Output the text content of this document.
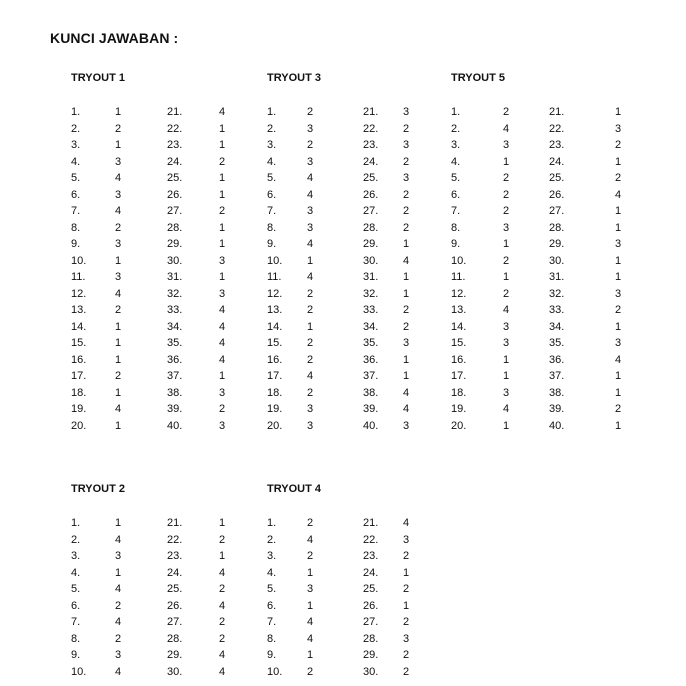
KUNCI JAWABAN :
TRYOUT 1
1.	1
2.	2
3.	1
4.	3
5.	4
6.	3
7.	4
8.	2
9.	3
10.	1
11.	3
12.	4
13.	2
14.	1
15.	1
16.	1
17.	2
18.	1
19.	4
20.	1
21.	4
22.	1
23.	1
24.	2
25.	1
26.	1
27.	2
28.	1
29.	1
30.	3
31.	1
32.	3
33.	4
34.	4
35.	4
36.	4
37.	1
38.	3
39.	2
40.	3
TRYOUT 3
1.	2
2.	3
3.	2
4.	3
5.	4
6.	4
7.	3
8.	3
9.	4
10. 1
11. 4
12. 2
13. 2
14. 1
15. 2
16. 2
17. 4
18. 2
19. 3
20. 3
21. 3
22. 2
23. 3
24. 2
25. 3
26. 2
27. 2
28. 2
29. 1
30. 4
31. 1
32. 1
33. 2
34. 2
35. 3
36. 1
37. 1
38. 4
39. 4
40. 3
TRYOUT 5
1.	2
2.	4
3.	3
4.	1
5.	2
6.	2
7.	2
8.	3
9.	1
10.	2
11.	1
12.	2
13.	4
14.	3
15.	3
16.	1
17.	1
18.	3
19.	4
20.	1
21.	1
22.	3
23.	2
24.	1
25.	2
26.	4
27.	1
28.	1
29.	3
30.	1
31.	1
32.	3
33.	2
34.	1
35.	3
36.	4
37.	1
38.	1
39.	2
40.	1
TRYOUT 2
1.	1
2.	4
3.	3
4.	1
5.	4
6.	2
7.	4
8.	2
9.	3
10.	4
21.	1
22.	2
23.	1
24.	4
25.	2
26.	4
27.	2
28.	2
29.	4
30.	4
TRYOUT 4
1.	2
2.	4
3.	2
4.	1
5.	3
6.	1
7.	4
8.	4
9.	1
10. 2
21. 4
22. 3
23. 2
24. 1
25. 2
26. 1
27. 2
28. 3
29. 2
30. 2
